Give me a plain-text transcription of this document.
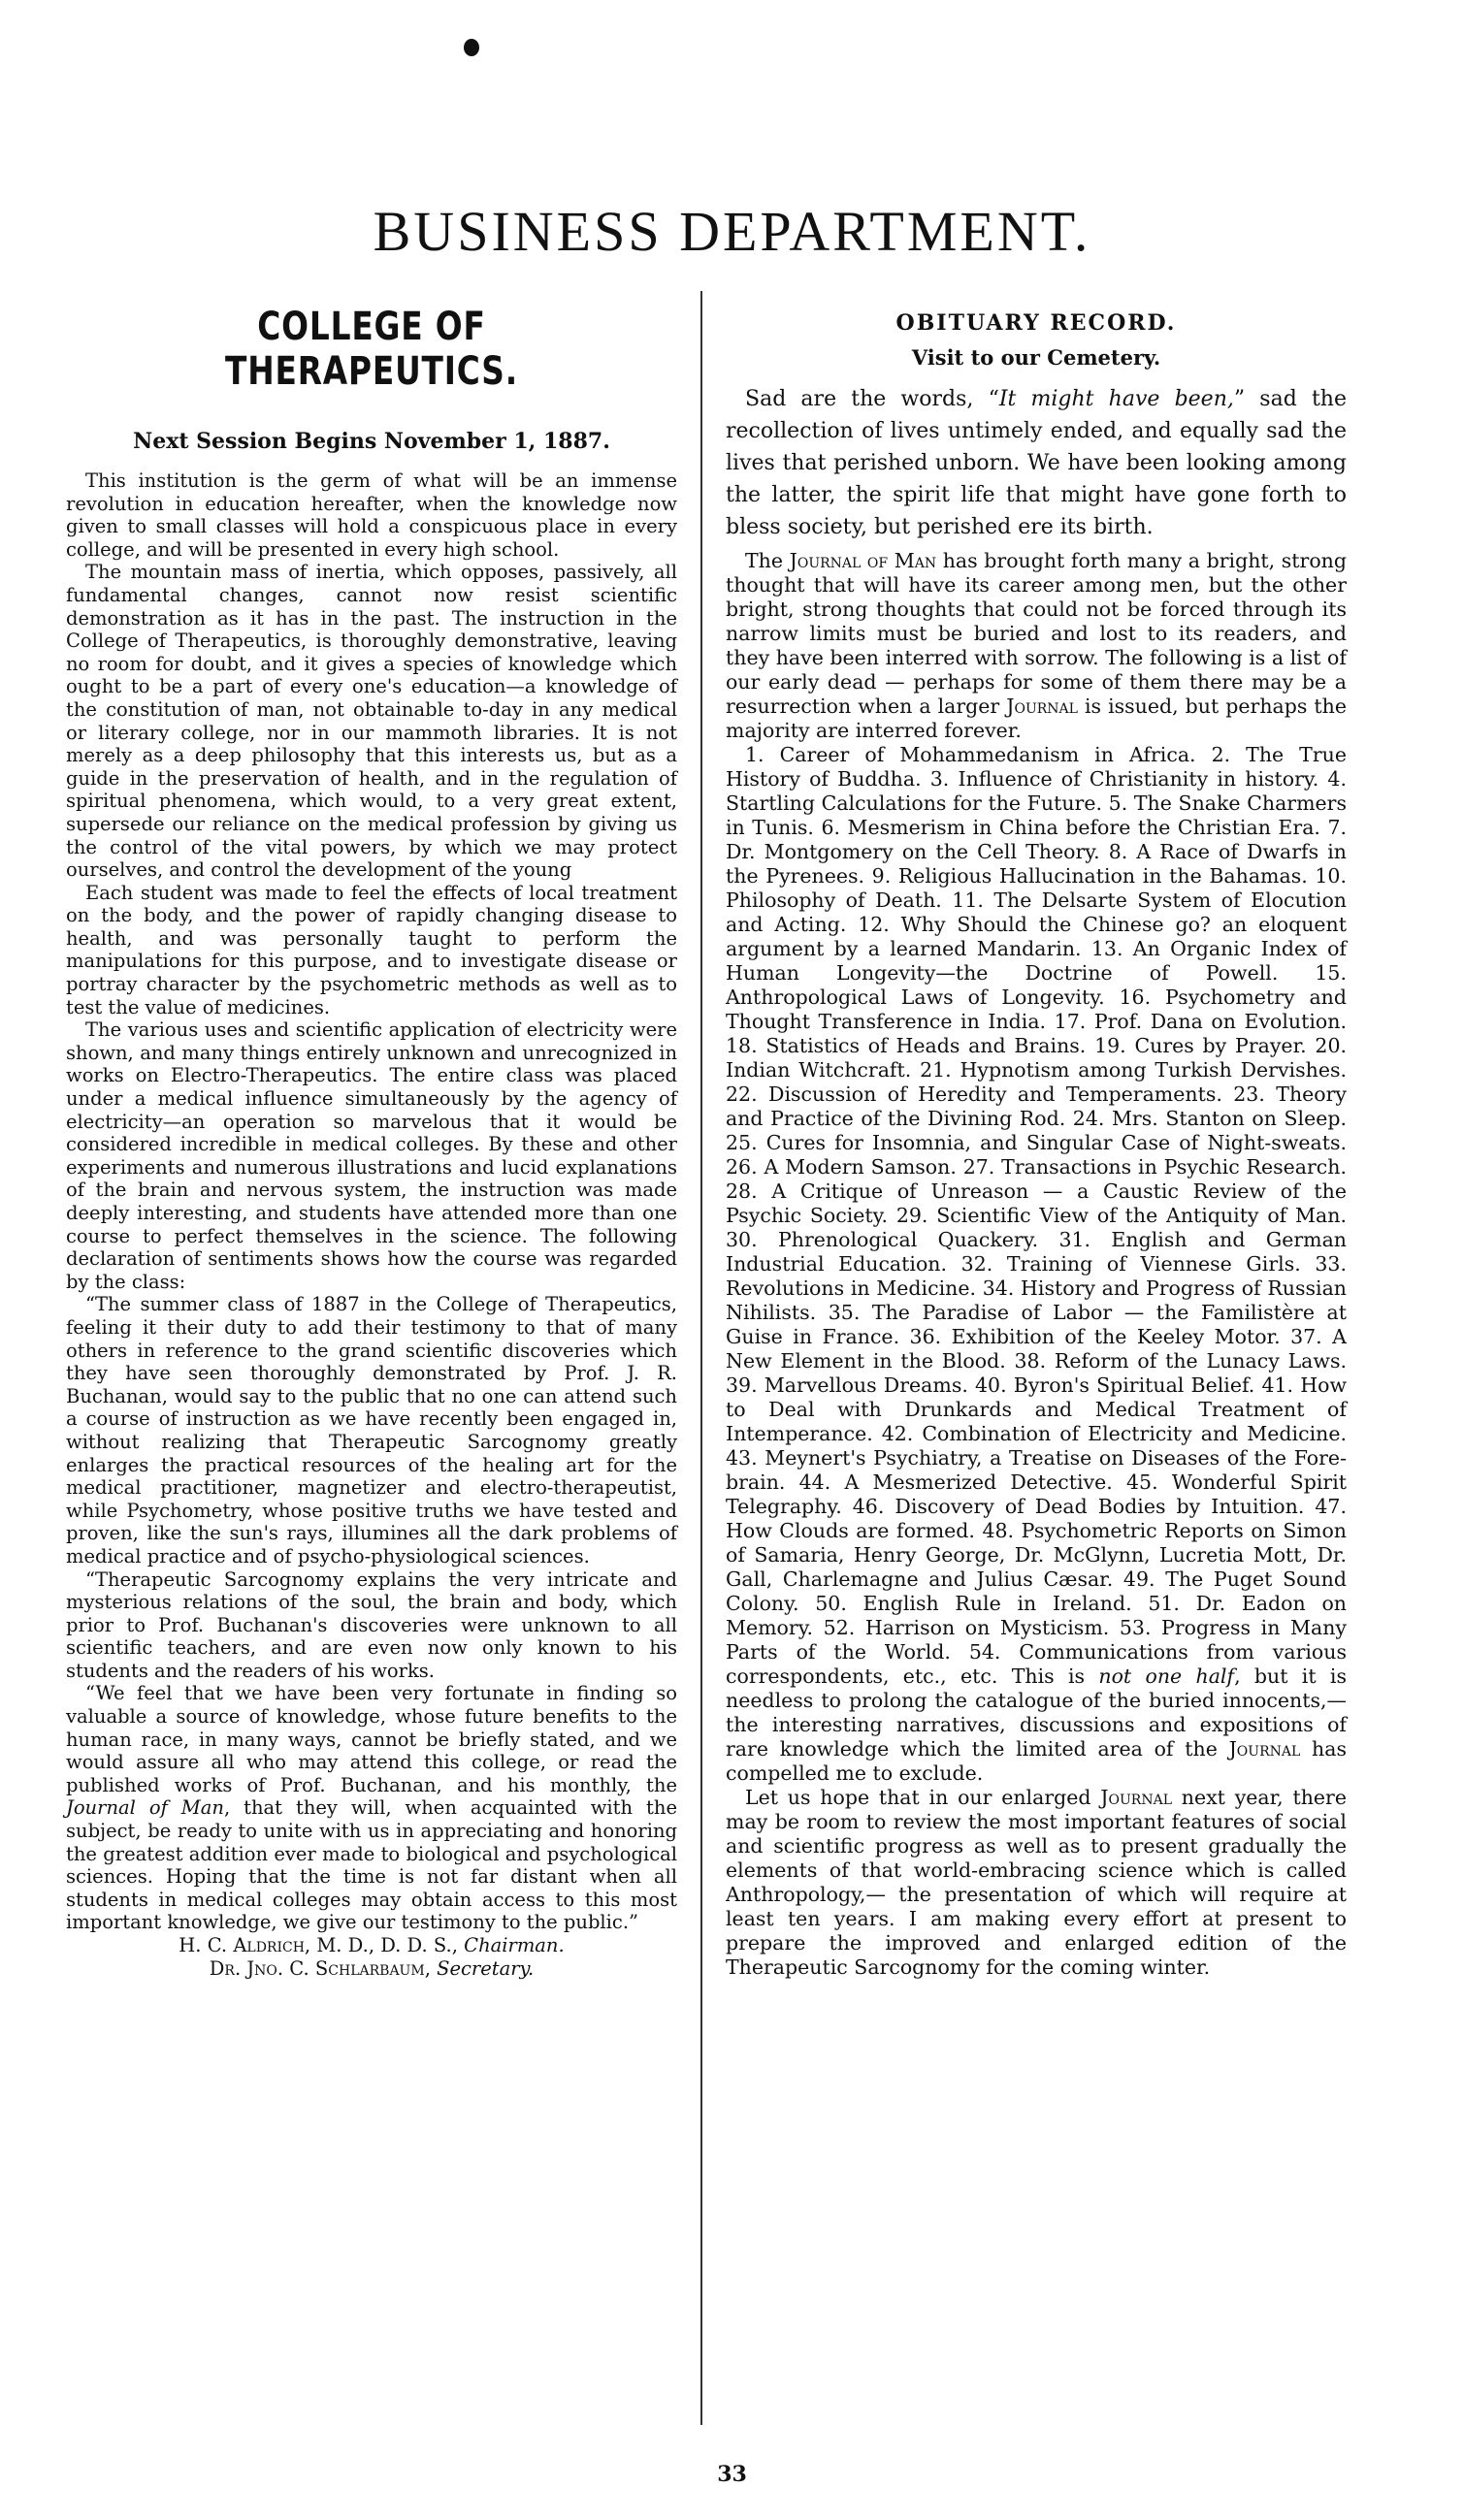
BUSINESS DEPARTMENT.
COLLEGE OF THERAPEUTICS.
Next Session Begins November 1, 1887.

This institution is the germ of what will be an immense revolution in education hereafter, when the knowledge now given to small classes will hold a conspicuous place in every college, and will be presented in every high school.

The mountain mass of inertia, which opposes, passively, all fundamental changes, cannot now resist scientific demonstration as it has in the past. The instruction in the College of Therapeutics, is thoroughly demonstrative, leaving no room for doubt, and it gives a species of knowledge which ought to be a part of every one's education—a knowledge of the constitution of man, not obtainable to-day in any medical or literary college, nor in our mammoth libraries. It is not merely as a deep philosophy that this interests us, but as a guide in the preservation of health, and in the regulation of spiritual phenomena, which would, to a very great extent, supersede our reliance on the medical profession by giving us the control of the vital powers, by which we may protect ourselves, and control the development of the young

Each student was made to feel the effects of local treatment on the body, and the power of rapidly changing disease to health, and was personally taught to perform the manipulations for this purpose, and to investigate disease or portray character by the psychometric methods as well as to test the value of medicines.

The various uses and scientific application of electricity were shown, and many things entirely unknown and unrecognized in works on Electro-Therapeutics. The entire class was placed under a medical influence simultaneously by the agency of electricity—an operation so marvelous that it would be considered incredible in medical colleges. By these and other experiments and numerous illustrations and lucid explanations of the brain and nervous system, the instruction was made deeply interesting, and students have attended more than one course to perfect themselves in the science. The following declaration of sentiments shows how the course was regarded by the class:

“The summer class of 1887 in the College of Therapeutics, feeling it their duty to add their testimony to that of many others in reference to the grand scientific discoveries which they have seen thoroughly demonstrated by Prof. J. R. Buchanan, would say to the public that no one can attend such a course of instruction as we have recently been engaged in, without realizing that Therapeutic Sarcognomy greatly enlarges the practical resources of the healing art for the medical practitioner, magnetizer and electro-therapeutist, while Psychometry, whose positive truths we have tested and proven, like the sun's rays, illumines all the dark problems of medical practice and of psycho-physiological sciences.

“Therapeutic Sarcognomy explains the very intricate and mysterious relations of the soul, the brain and body, which prior to Prof. Buchanan's discoveries were unknown to all scientific teachers, and are even now only known to his students and the readers of his works.

“We feel that we have been very fortunate in finding so valuable a source of knowledge, whose future benefits to the human race, in many ways, cannot be briefly stated, and we would assure all who may attend this college, or read the published works of Prof. Buchanan, and his monthly, the Journal of Man, that they will, when acquainted with the subject, be ready to unite with us in appreciating and honoring the greatest addition ever made to biological and psychological sciences. Hoping that the time is not far distant when all students in medical colleges may obtain access to this most important knowledge, we give our testimony to the public.”

H. C. Aldrich, M. D., D. D. S., Chairman.
Dr. Jno. C. Schlarbaum, Secretary.
OBITUARY RECORD.
Visit to our Cemetery.

Sad are the words, “It might have been,” sad the recollection of lives untimely ended, and equally sad the lives that perished unborn. We have been looking among the latter, the spirit life that might have gone forth to bless society, but perished ere its birth.

The Journal of Man has brought forth many a bright, strong thought that will have its career among men, but the other bright, strong thoughts that could not be forced through its narrow limits must be buried and lost to its readers, and they have been interred with sorrow. The following is a list of our early dead — perhaps for some of them there may be a resurrection when a larger Journal is issued, but perhaps the majority are interred forever.

1. Career of Mohammedanism in Africa. 2. The True History of Buddha. 3. Influence of Christianity in history. 4. Startling Calculations for the Future. 5. The Snake Charmers in Tunis. 6. Mesmerism in China before the Christian Era. 7. Dr. Montgomery on the Cell Theory. 8. A Race of Dwarfs in the Pyrenees. 9. Religious Hallucination in the Bahamas. 10. Philosophy of Death. 11. The Delsarte System of Elocution and Acting. 12. Why Should the Chinese go? an eloquent argument by a learned Mandarin. 13. An Organic Index of Human Longevity—the Doctrine of Powell. 15. Anthropological Laws of Longevity. 16. Psychometry and Thought Transference in India. 17. Prof. Dana on Evolution. 18. Statistics of Heads and Brains. 19. Cures by Prayer. 20. Indian Witchcraft. 21. Hypnotism among Turkish Dervishes. 22. Discussion of Heredity and Temperaments. 23. Theory and Practice of the Divining Rod. 24. Mrs. Stanton on Sleep. 25. Cures for Insomnia, and Singular Case of Night-sweats. 26. A Modern Samson. 27. Transactions in Psychic Research. 28. A Critique of Unreason — a Caustic Review of the Psychic Society. 29. Scientific View of the Antiquity of Man. 30. Phrenological Quackery. 31. English and German Industrial Education. 32. Training of Viennese Girls. 33. Revolutions in Medicine. 34. History and Progress of Russian Nihilists. 35. The Paradise of Labor — the Familistère at Guise in France. 36. Exhibition of the Keeley Motor. 37. A New Element in the Blood. 38. Reform of the Lunacy Laws. 39. Marvellous Dreams. 40. Byron's Spiritual Belief. 41. How to Deal with Drunkards and Medical Treatment of Intemperance. 42. Combination of Electricity and Medicine. 43. Meynert's Psychiatry, a Treatise on Diseases of the Fore-brain. 44. A Mesmerized Detective. 45. Wonderful Spirit Telegraphy. 46. Discovery of Dead Bodies by Intuition. 47. How Clouds are formed. 48. Psychometric Reports on Simon of Samaria, Henry George, Dr. McGlynn, Lucretia Mott, Dr. Gall, Charlemagne and Julius Cæsar. 49. The Puget Sound Colony. 50. English Rule in Ireland. 51. Dr. Eadon on Memory. 52. Harrison on Mysticism. 53. Progress in Many Parts of the World. 54. Communications from various correspondents, etc., etc. This is not one half, but it is needless to prolong the catalogue of the buried innocents,— the interesting narratives, discussions and expositions of rare knowledge which the limited area of the Journal has compelled me to exclude.

Let us hope that in our enlarged Journal next year, there may be room to review the most important features of social and scientific progress as well as to present gradually the elements of that world-embracing science which is called Anthropology,— the presentation of which will require at least ten years. I am making every effort at present to prepare the improved and enlarged edition of the Therapeutic Sarcognomy for the coming winter.

33
